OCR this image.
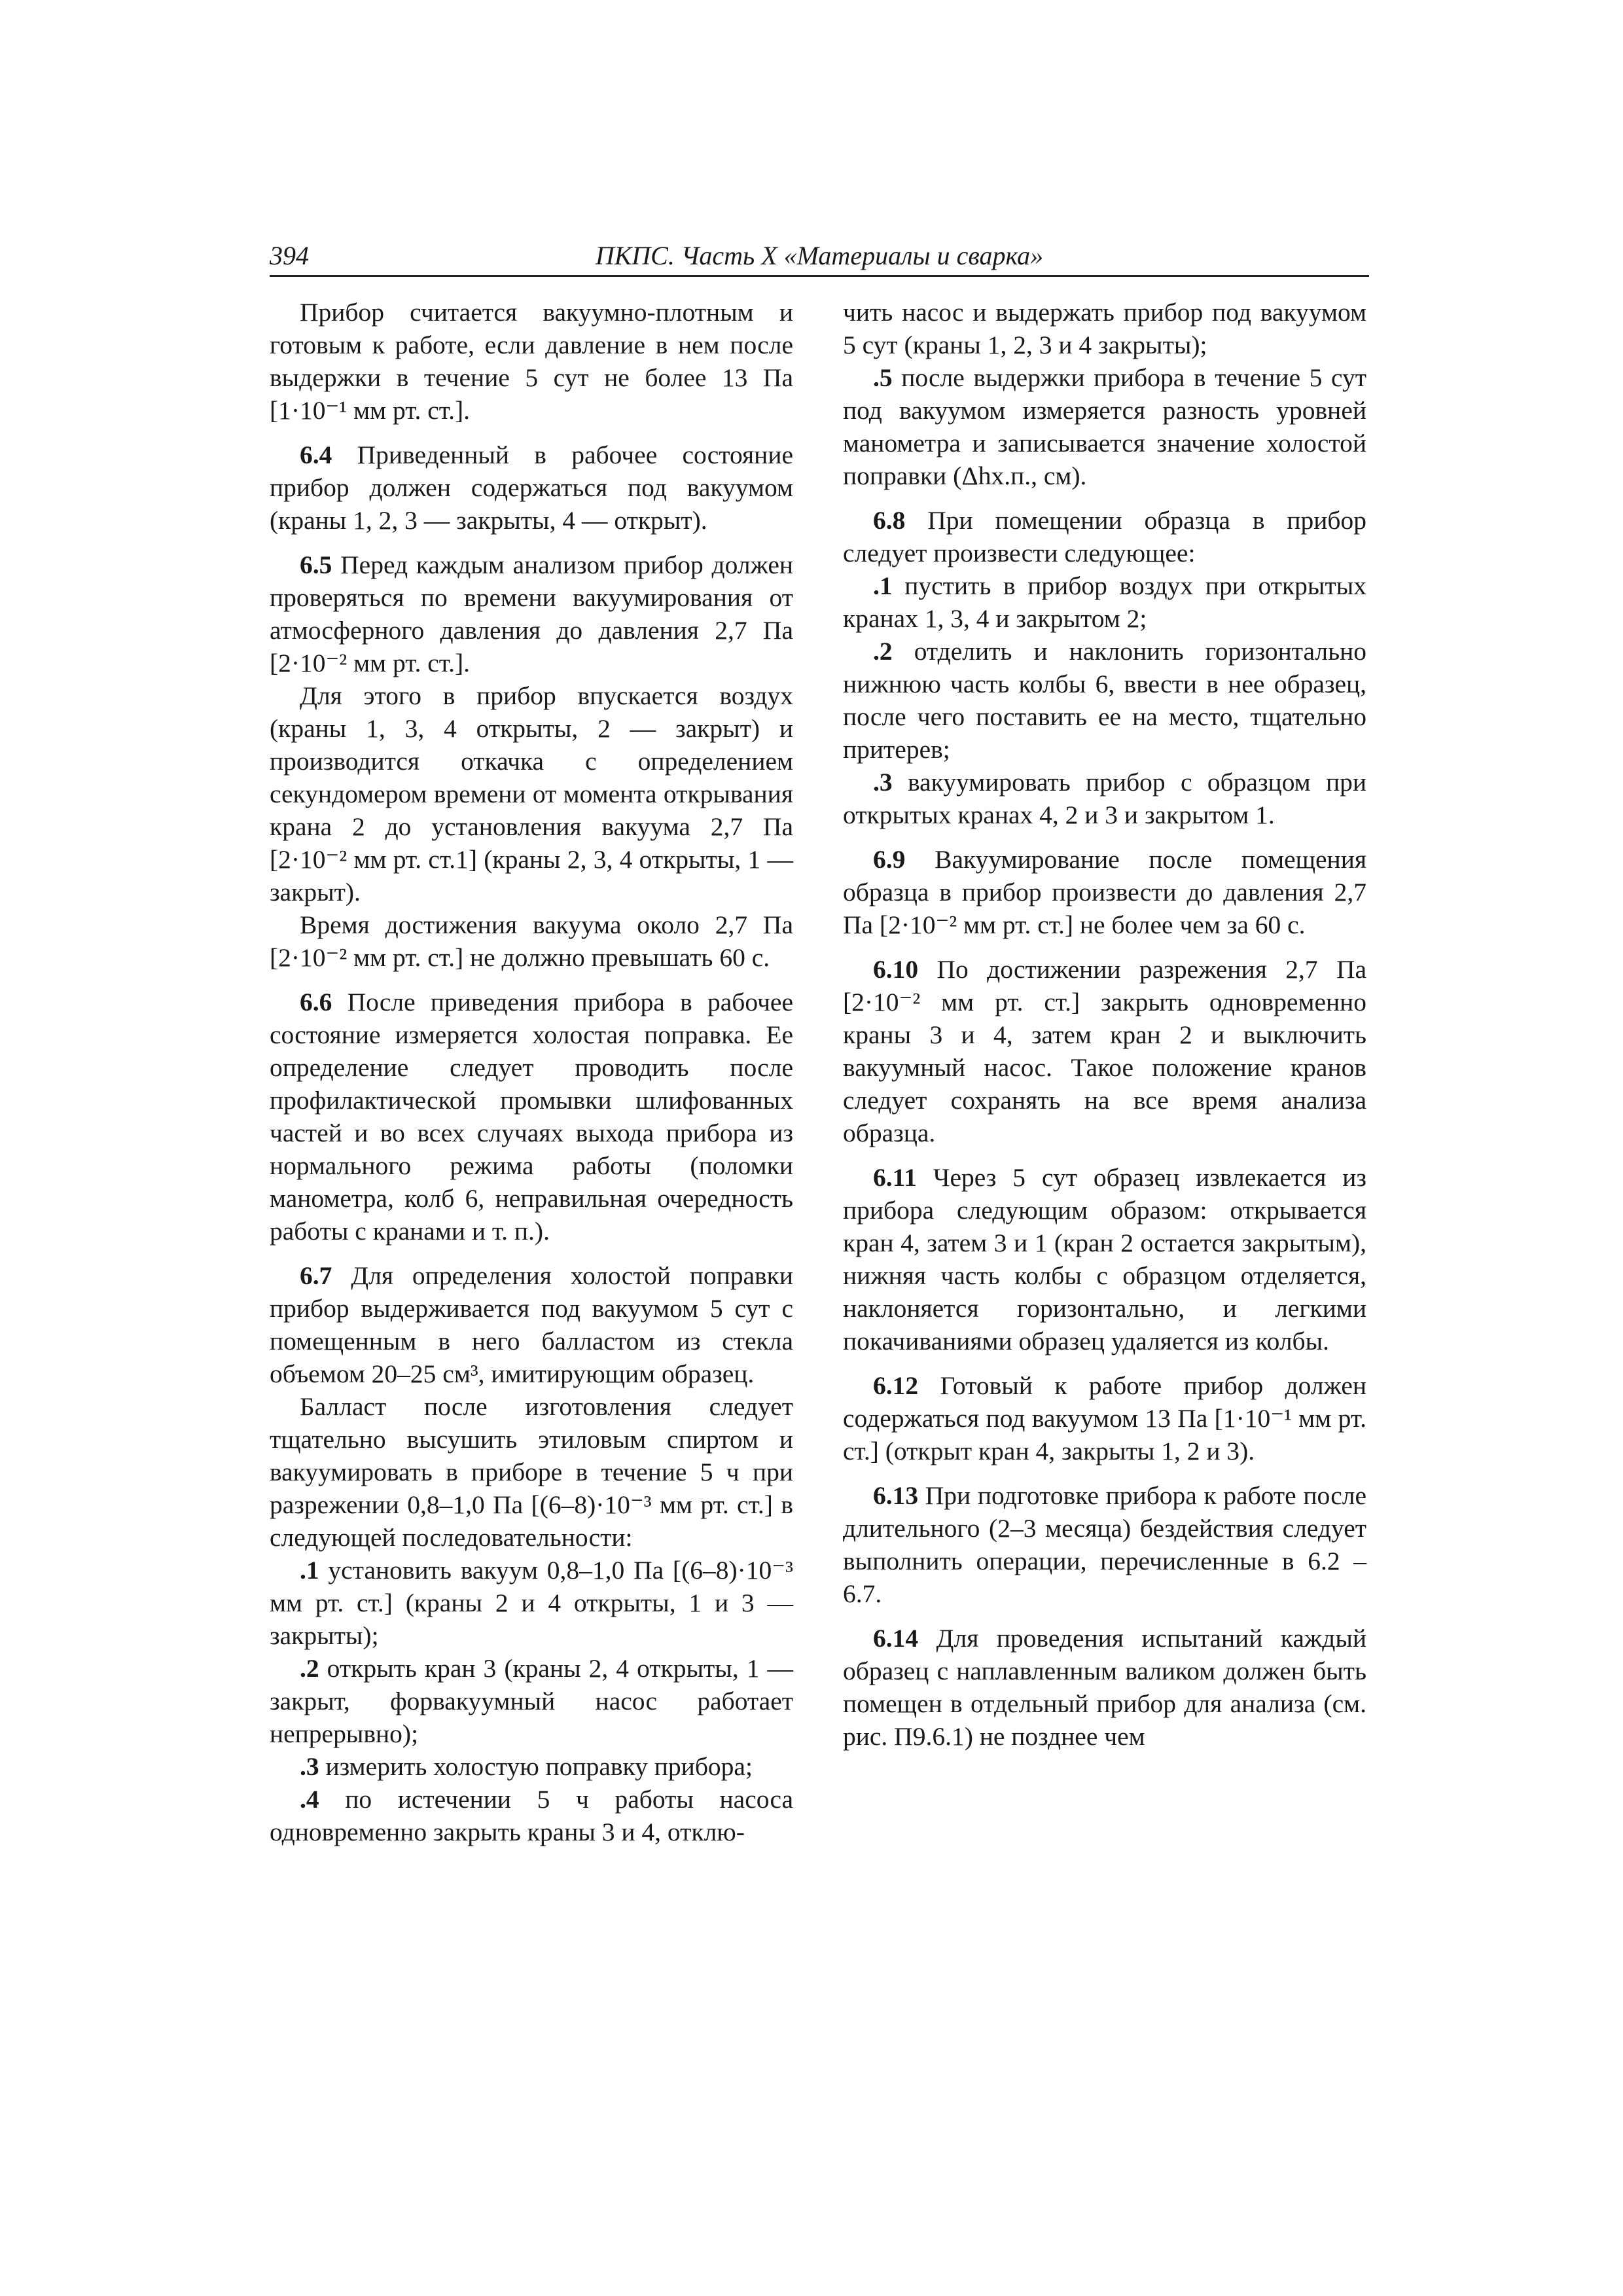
394	ПКПС. Часть X «Материалы и сварка»

Прибор считается вакуумно-плотным и готовым к работе, если давление в нем после выдержки в течение 5 сут не более 13 Па [1·10⁻¹ мм рт. ст.].

6.4 Приведенный в рабочее состояние прибор должен содержаться под вакуумом (краны 1, 2, 3 — закрыты, 4 — открыт).

6.5 Перед каждым анализом прибор должен проверяться по времени вакуумирования от атмосферного давления до давления 2,7 Па [2·10⁻² мм рт. ст.].

Для этого в прибор впускается воздух (краны 1, 3, 4 открыты, 2 — закрыт) и производится откачка с определением секундомером времени от момента открывания крана 2 до установления вакуума 2,7 Па [2·10⁻² мм рт. ст.1] (краны 2, 3, 4 открыты, 1 — закрыт).

Время достижения вакуума около 2,7 Па [2·10⁻² мм рт. ст.] не должно превышать 60 с.

6.6 После приведения прибора в рабочее состояние измеряется холостая поправка. Ее определение следует проводить после профилактической промывки шлифованных частей и во всех случаях выхода прибора из нормального режима работы (поломки манометра, колб 6, неправильная очередность работы с кранами и т. п.).

6.7 Для определения холостой поправки прибор выдерживается под вакуумом 5 сут с помещенным в него балластом из стекла объемом 20–25 см³, имитирующим образец.

Балласт после изготовления следует тщательно высушить этиловым спиртом и вакуумировать в приборе в течение 5 ч при разрежении 0,8–1,0 Па [(6–8)·10⁻³ мм рт. ст.] в следующей последовательности:

.1 установить вакуум 0,8–1,0 Па [(6–8)·10⁻³ мм рт. ст.] (краны 2 и 4 открыты, 1 и 3 — закрыты);

.2 открыть кран 3 (краны 2, 4 открыты, 1 — закрыт, форвакуумный насос работает непрерывно);

.3 измерить холостую поправку прибора;

.4 по истечении 5 ч работы насоса одновременно закрыть краны 3 и 4, отклю-

чить насос и выдержать прибор под вакуумом 5 сут (краны 1, 2, 3 и 4 закрыты);

.5 после выдержки прибора в течение 5 сут под вакуумом измеряется разность уровней манометра и записывается значение холостой поправки (Δhх.п., см).

6.8 При помещении образца в прибор следует произвести следующее:

.1 пустить в прибор воздух при открытых кранах 1, 3, 4 и закрытом 2;

.2 отделить и наклонить горизонтально нижнюю часть колбы 6, ввести в нее образец, после чего поставить ее на место, тщательно притерев;

.3 вакуумировать прибор с образцом при открытых кранах 4, 2 и 3 и закрытом 1.

6.9 Вакуумирование после помещения образца в прибор произвести до давления 2,7 Па [2·10⁻² мм рт. ст.] не более чем за 60 с.

6.10 По достижении разрежения 2,7 Па [2·10⁻² мм рт. ст.] закрыть одновременно краны 3 и 4, затем кран 2 и выключить вакуумный насос. Такое положение кранов следует сохранять на все время анализа образца.

6.11 Через 5 сут образец извлекается из прибора следующим образом: открывается кран 4, затем 3 и 1 (кран 2 остается закрытым), нижняя часть колбы с образцом отделяется, наклоняется горизонтально, и легкими покачиваниями образец удаляется из колбы.

6.12 Готовый к работе прибор должен содержаться под вакуумом 13 Па [1·10⁻¹ мм рт. ст.] (открыт кран 4, закрыты 1, 2 и 3).

6.13 При подготовке прибора к работе после длительного (2–3 месяца) бездействия следует выполнить операции, перечисленные в 6.2 – 6.7.

6.14 Для проведения испытаний каждый образец с наплавленным валиком должен быть помещен в отдельный прибор для анализа (см. рис. П9.6.1) не позднее чем
